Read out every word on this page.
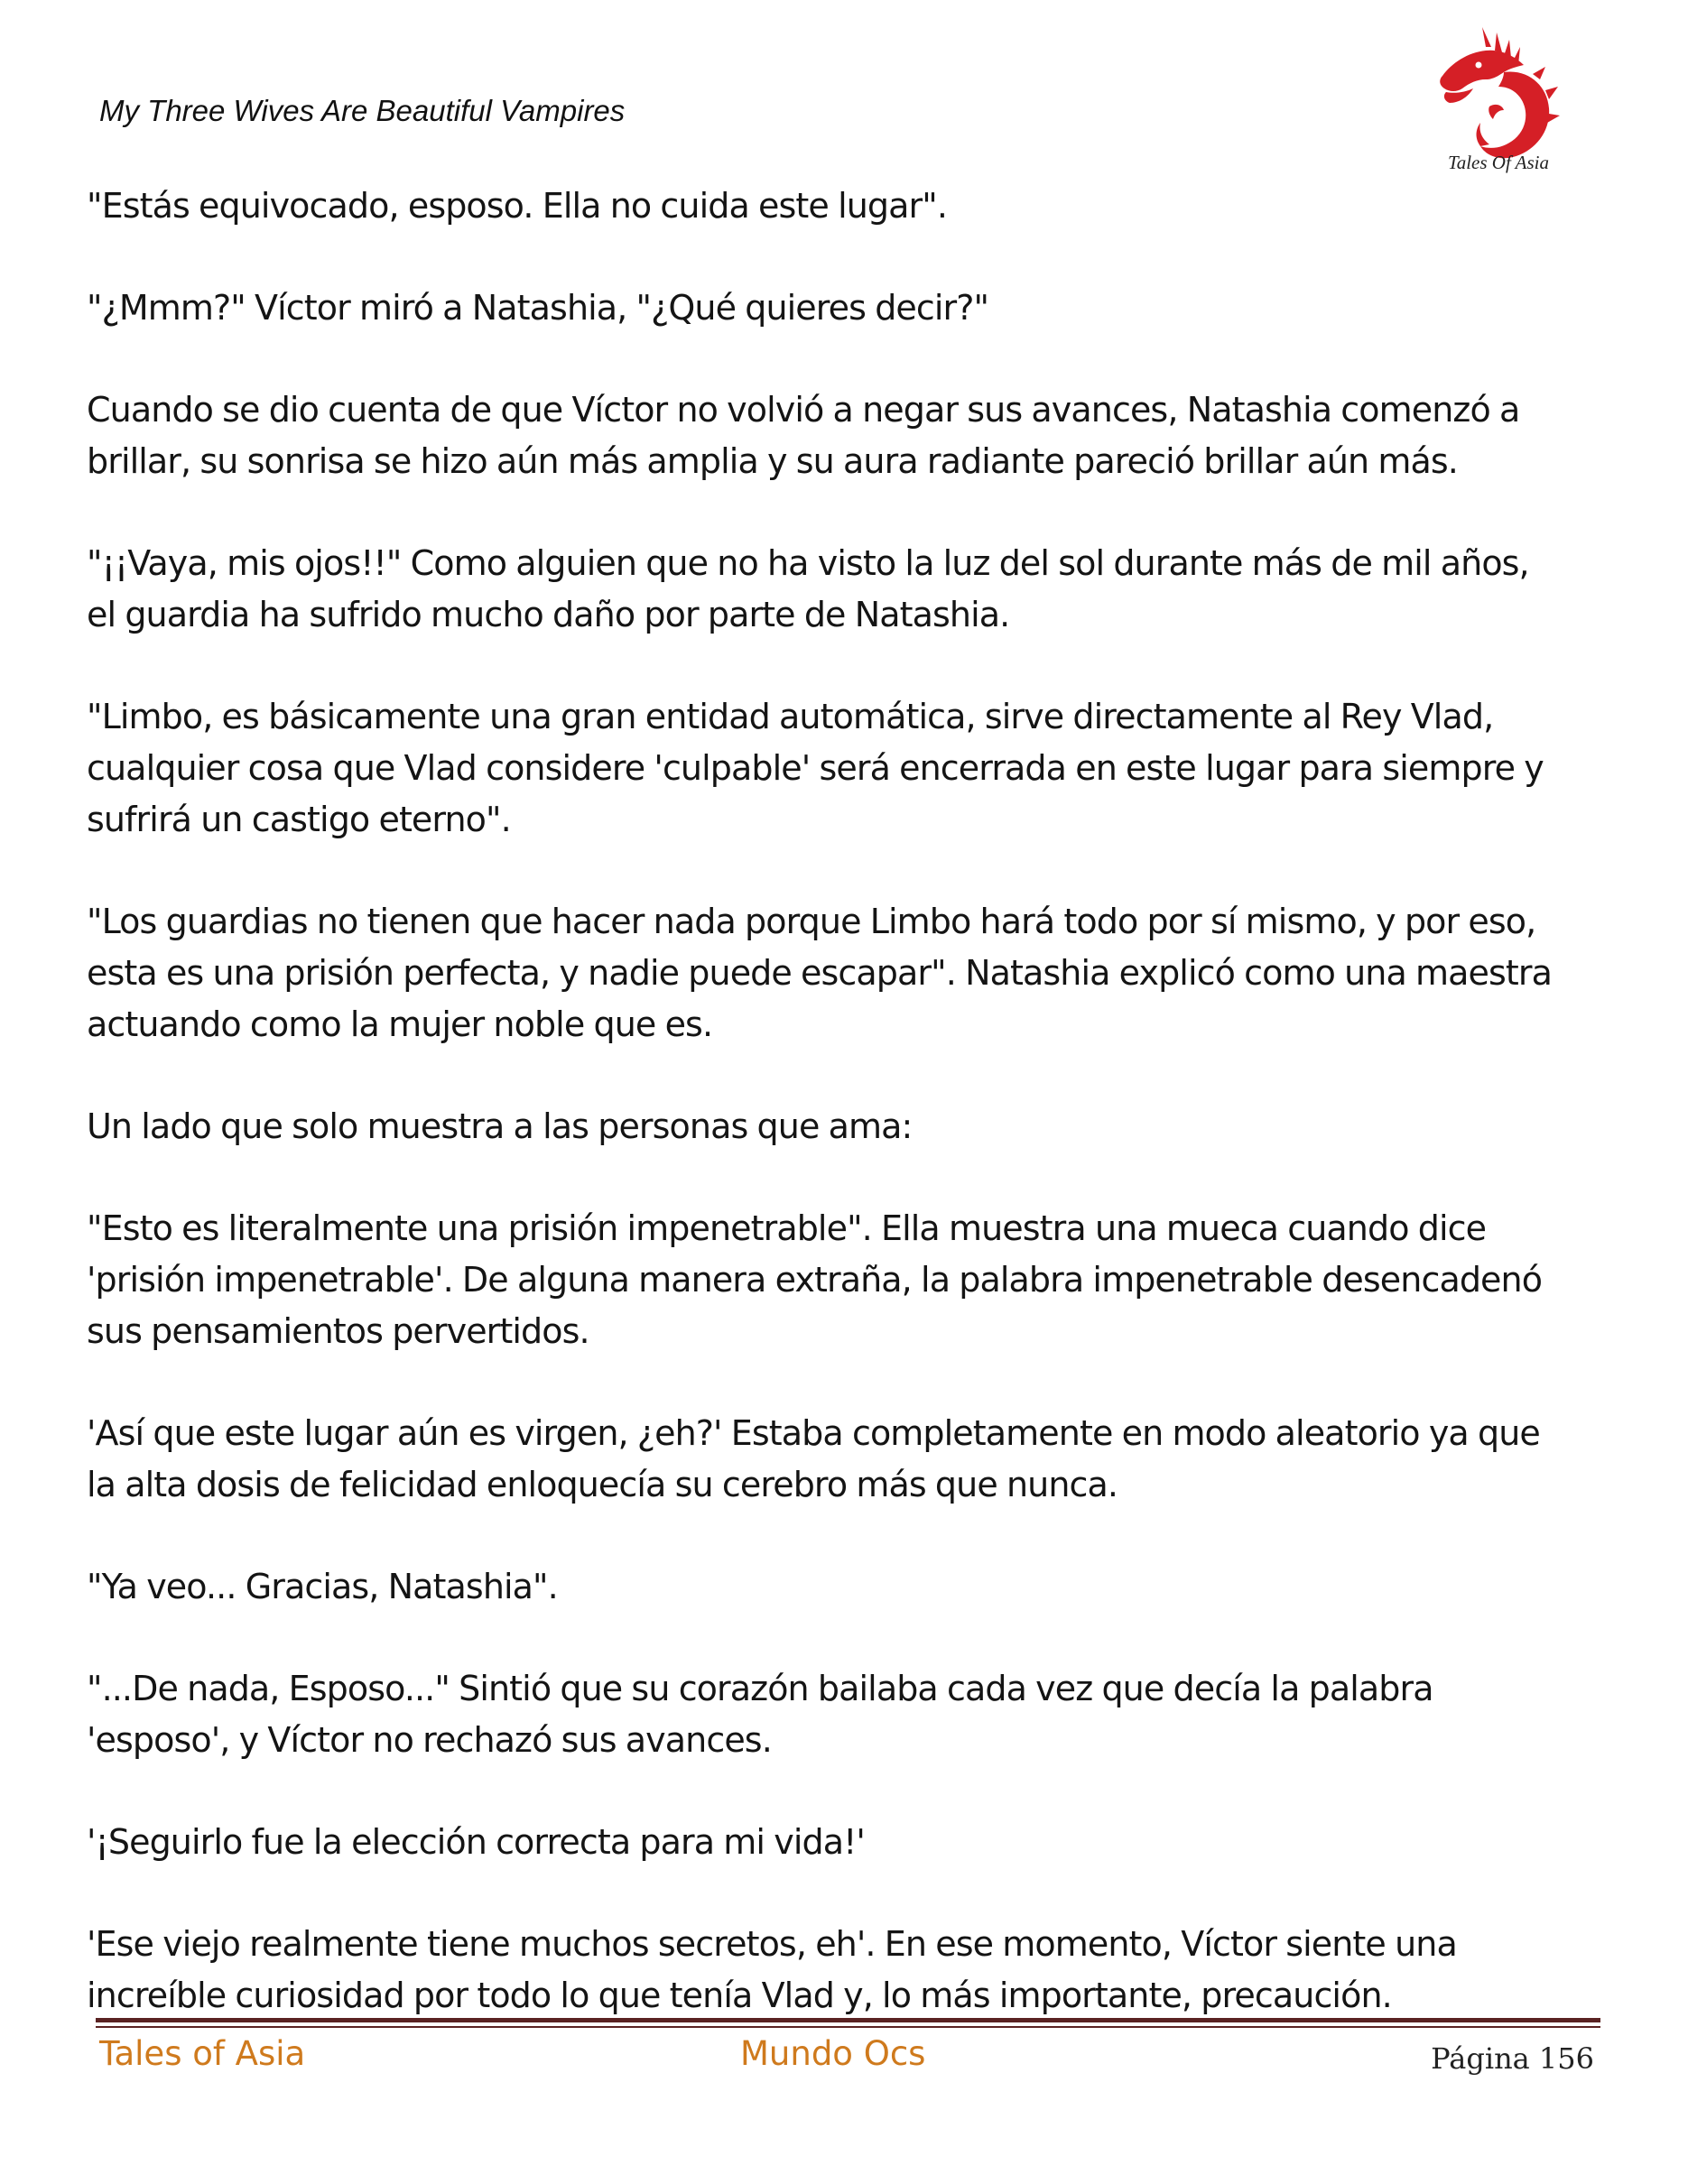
My Three Wives Are Beautiful Vampires
Tales Of Asia

"Estás equivocado, esposo. Ella no cuida este lugar".

"¿Mmm?" Víctor miró a Natashia, "¿Qué quieres decir?"

Cuando se dio cuenta de que Víctor no volvió a negar sus avances, Natashia comenzó a
brillar, su sonrisa se hizo aún más amplia y su aura radiante pareció brillar aún más.

"¡¡Vaya, mis ojos!!" Como alguien que no ha visto la luz del sol durante más de mil años,
el guardia ha sufrido mucho daño por parte de Natashia.

"Limbo, es básicamente una gran entidad automática, sirve directamente al Rey Vlad,
cualquier cosa que Vlad considere 'culpable' será encerrada en este lugar para siempre y
sufrirá un castigo eterno".

"Los guardias no tienen que hacer nada porque Limbo hará todo por sí mismo, y por eso,
esta es una prisión perfecta, y nadie puede escapar". Natashia explicó como una maestra
actuando como la mujer noble que es.

Un lado que solo muestra a las personas que ama:

"Esto es literalmente una prisión impenetrable". Ella muestra una mueca cuando dice
'prisión impenetrable'. De alguna manera extraña, la palabra impenetrable desencadenó
sus pensamientos pervertidos.

'Así que este lugar aún es virgen, ¿eh?' Estaba completamente en modo aleatorio ya que
la alta dosis de felicidad enloquecía su cerebro más que nunca.

"Ya veo... Gracias, Natashia".

"...De nada, Esposo..." Sintió que su corazón bailaba cada vez que decía la palabra
'esposo', y Víctor no rechazó sus avances.

'¡Seguirlo fue la elección correcta para mi vida!'

'Ese viejo realmente tiene muchos secretos, eh'. En ese momento, Víctor siente una
increíble curiosidad por todo lo que tenía Vlad y, lo más importante, precaución.

Tales of Asia	Mundo Ocs	Página 156
